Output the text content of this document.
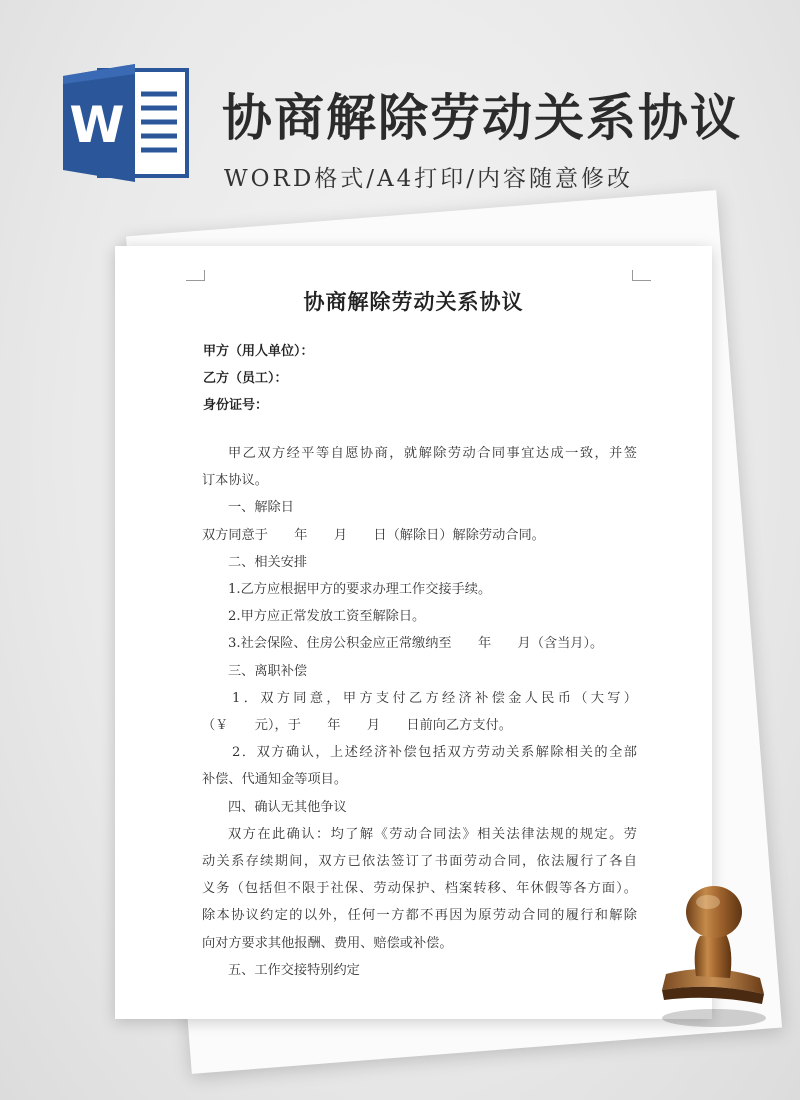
W 协商解除劳动关系协议
WORD格式/A4打印/内容随意修改
协商解除劳动关系协议
甲方（用人单位）：
乙方（员工）：
身份证号：

甲乙双方经平等自愿协商，就解除劳动合同事宜达成一致，并签

订本协议。

一、解除日

双方同意于　　年　　月　　日（解除日）解除劳动合同。

二、相关安排

1.乙方应根据甲方的要求办理工作交接手续。

2.甲方应正常发放工资至解除日。

3.社会保险、住房公积金应正常缴纳至　　年　　月（含当月）。

三、离职补偿

1．双方同意，甲方支付乙方经济补偿金人民币（大写）

（￥　　元），于　　年　　月　　日前向乙方支付。

2．双方确认，上述经济补偿包括双方劳动关系解除相关的全部

补偿、代通知金等项目。

四、确认无其他争议

双方在此确认：均了解《劳动合同法》相关法律法规的规定。劳

动关系存续期间，双方已依法签订了书面劳动合同，依法履行了各自

义务（包括但不限于社保、劳动保护、档案转移、年休假等各方面）。

除本协议约定的以外，任何一方都不再因为原劳动合同的履行和解除

向对方要求其他报酬、费用、赔偿或补偿。

五、工作交接特别约定
